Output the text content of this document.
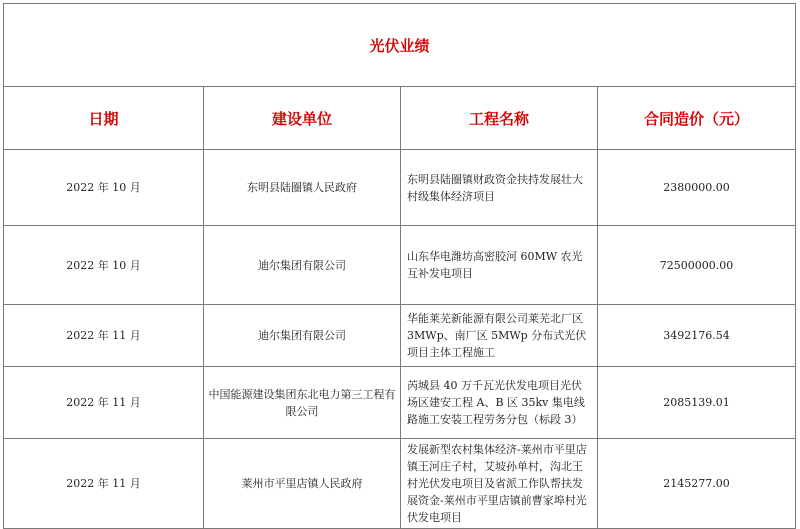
光伏业绩			
日期	建设单位	工程名称	合同造价（元）
2022 年 10 月	东明县陆圈镇人民政府	东明县陆圈镇财政资金扶持发展壮大村级集体经济项目	2380000.00
2022 年 10 月	迪尔集团有限公司	山东华电潍坊高密胶河 60MW 农光互补发电项目	72500000.00
2022 年 11 月	迪尔集团有限公司	华能莱芜新能源有限公司莱芜北厂区 3MWp、南厂区 5MWp 分布式光伏项目主体工程施工	3492176.54
2022 年 11 月	中国能源建设集团东北电力第三工程有限公司	芮城县 40 万千瓦光伏发电项目光伏场区建安工程 A、B 区 35kv 集电线路施工安装工程劳务分包（标段 3）	2085139.01
2022 年 11 月	莱州市平里店镇人民政府	发展新型农村集体经济-莱州市平里店镇王河庄子村，艾坡孙单村，沟北王村光伏发电项目及省派工作队帮扶发展资金-莱州市平里店镇前曹家埠村光伏发电项目	2145277.00
